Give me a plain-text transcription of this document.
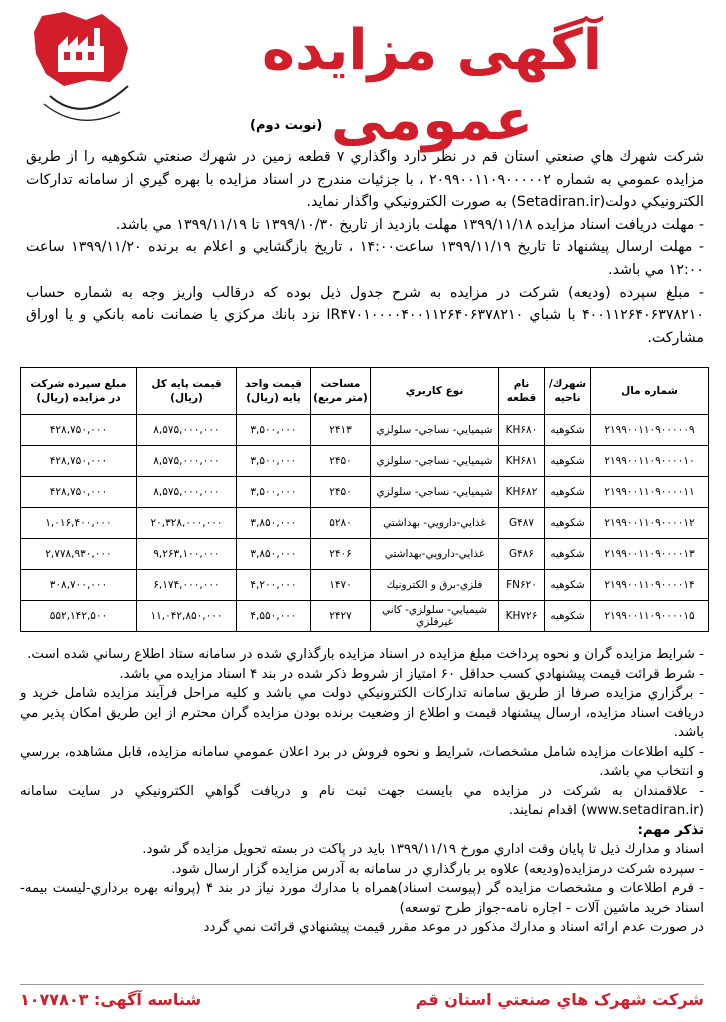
آگهی مزایده عمومی
(نوبت دوم)

شرکت شهرك هاي صنعتي استان قم در نظر دارد واگذاري ۷ قطعه زمين در شهرك صنعتي شكوهيه را از طريق مزايده عمومي به شماره ۲۰۹۹۰۰۱۱۰۹۰۰۰۰۰۲ ، با جزئيات مندرج در اسناد مزايده با بهره گيري از سامانه تداركات الكترونيكي دولت(Setadiran.ir) به صورت الكترونيكي واگذار نمايد.

- مهلت دريافت اسناد مزايده ۱۳۹۹/۱۱/۱۸ مهلت بازديد از تاريخ ۱۳۹۹/۱۰/۳۰ تا ۱۳۹۹/۱۱/۱۹ مي باشد.

- مهلت ارسال پيشنهاد تا تاريخ ۱۳۹۹/۱۱/۱۹ ساعت۱۴:۰۰ ، تاريخ بازگشايي و اعلام به برنده ۱۳۹۹/۱۱/۲۰ ساعت ۱۲:۰۰ مي باشد.

- مبلغ سپرده (وديعه) شركت در مزايده به شرح جدول ذيل بوده كه درقالب واريز وجه به شماره حساب ۴۰۰۱۱۲۶۴۰۶۳۷۸۲۱۰ با شباي IR۴۷۰۱۰۰۰۰۴۰۰۱۱۲۶۴۰۶۳۷۸۲۱۰ نزد بانك مركزي يا ضمانت نامه بانكي و يا اوراق مشاركت.

شماره مال	شهرك/ ناحيه	نام قطعه	نوع كاربري	مساحت (متر مربع)	قيمت واحد پايه (ريال)	قيمت پايه كل (ريال)	مبلغ سپرده شركت در مزايده (ريال)
۲۱۹۹۰۰۱۱۰۹۰۰۰۰۰۹	شكوهيه	KH۶۸۰	شيميايي- نساجي- سلولزي	۲۴۱۳	۳,۵۰۰,۰۰۰	۸,۵۷۵,۰۰۰,۰۰۰	۴۲۸,۷۵۰,۰۰۰
۲۱۹۹۰۰۱۱۰۹۰۰۰۰۱۰	شكوهيه	KH۶۸۱	شيميايي- نساجي- سلولزي	۲۴۵۰	۳,۵۰۰,۰۰۰	۸,۵۷۵,۰۰۰,۰۰۰	۴۲۸,۷۵۰,۰۰۰
۲۱۹۹۰۰۱۱۰۹۰۰۰۰۱۱	شكوهيه	KH۶۸۲	شيميايي- نساجي- سلولزي	۲۴۵۰	۳,۵۰۰,۰۰۰	۸,۵۷۵,۰۰۰,۰۰۰	۴۲۸,۷۵۰,۰۰۰
۲۱۹۹۰۰۱۱۰۹۰۰۰۰۱۲	شكوهيه	G۴۸۷	غذايي-دارويي- بهداشتي	۵۲۸۰	۳,۸۵۰,۰۰۰	۲۰,۳۲۸,۰۰۰,۰۰۰	۱,۰۱۶,۴۰۰,۰۰۰
۲۱۹۹۰۰۱۱۰۹۰۰۰۰۱۳	شكوهيه	G۴۸۶	غذايي-دارويي-بهداشتي	۲۴۰۶	۳,۸۵۰,۰۰۰	۹,۲۶۳,۱۰۰,۰۰۰	۲,۷۷۸,۹۳۰,۰۰۰
۲۱۹۹۰۰۱۱۰۹۰۰۰۰۱۴	شكوهيه	FN۶۲۰	فلزي-برق و الكترونيك	۱۴۷۰	۴,۲۰۰,۰۰۰	۶,۱۷۴,۰۰۰,۰۰۰	۳۰۸,۷۰۰,۰۰۰
۲۱۹۹۰۰۱۱۰۹۰۰۰۰۱۵	شكوهيه	KH۷۲۶	شيميايي- سلولزي- كاني غيرفلزي	۲۴۲۷	۴,۵۵۰,۰۰۰	۱۱,۰۴۲,۸۵۰,۰۰۰	۵۵۲,۱۴۲,۵۰۰

- شرايط مزايده گران و نحوه پرداخت مبلغ مزايده در اسناد مزايده بارگذاري شده در سامانه ستاد اطلاع رساني شده است.

- شرط قرائت قيمت پيشنهادي كسب حداقل ۶۰ امتياز از شروط ذكر شده در بند ۴ اسناد مزايده مي باشد.

- برگزاري مزايده صرفا از طريق سامانه تداركات الكترونيكي دولت مي باشد و كليه مراحل فرآيند مزايده شامل خريد و دريافت اسناد مزايده، ارسال پيشنهاد قيمت و اطلاع از وضعيت برنده بودن مزايده گران محترم از اين طريق امكان پذير مي باشد.

- كليه اطلاعات مزايده شامل مشخصات، شرايط و نحوه فروش در برد اعلان عمومي سامانه مزايده، قابل مشاهده، بررسي و انتخاب مي باشد.

- علاقمندان به شركت در مزايده مي بايست جهت ثبت نام و دريافت گواهي الكترونيكي در سايت سامانه (www.setadiran.ir) اقدام نمايند.

تذکر مهم:

اسناد و مدارك ذيل تا پايان وقت اداري مورخ ۱۳۹۹/۱۱/۱۹ بايد در پاكت در بسته تحويل مزايده گر شود.

- سپرده شركت درمزايده(وديعه) علاوه بر بارگذاري در سامانه به آدرس مزايده گزار ارسال شود.

- فرم اطلاعات و مشخصات مزايده گر (پيوست اسناد)همراه با مدارك مورد نياز در بند ۴ (پروانه بهره برداري-ليست بيمه-اسناد خريد ماشين آلات - اجاره نامه-جواز طرح توسعه)

در صورت عدم ارائه اسناد و مدارك مذكور در موعد مقرر قيمت پيشنهادي قرائت نمي گردد

شرکت شهرک هاي صنعتي استان قم
شناسه آگهی: ۱۰۷۷۸۰۳
